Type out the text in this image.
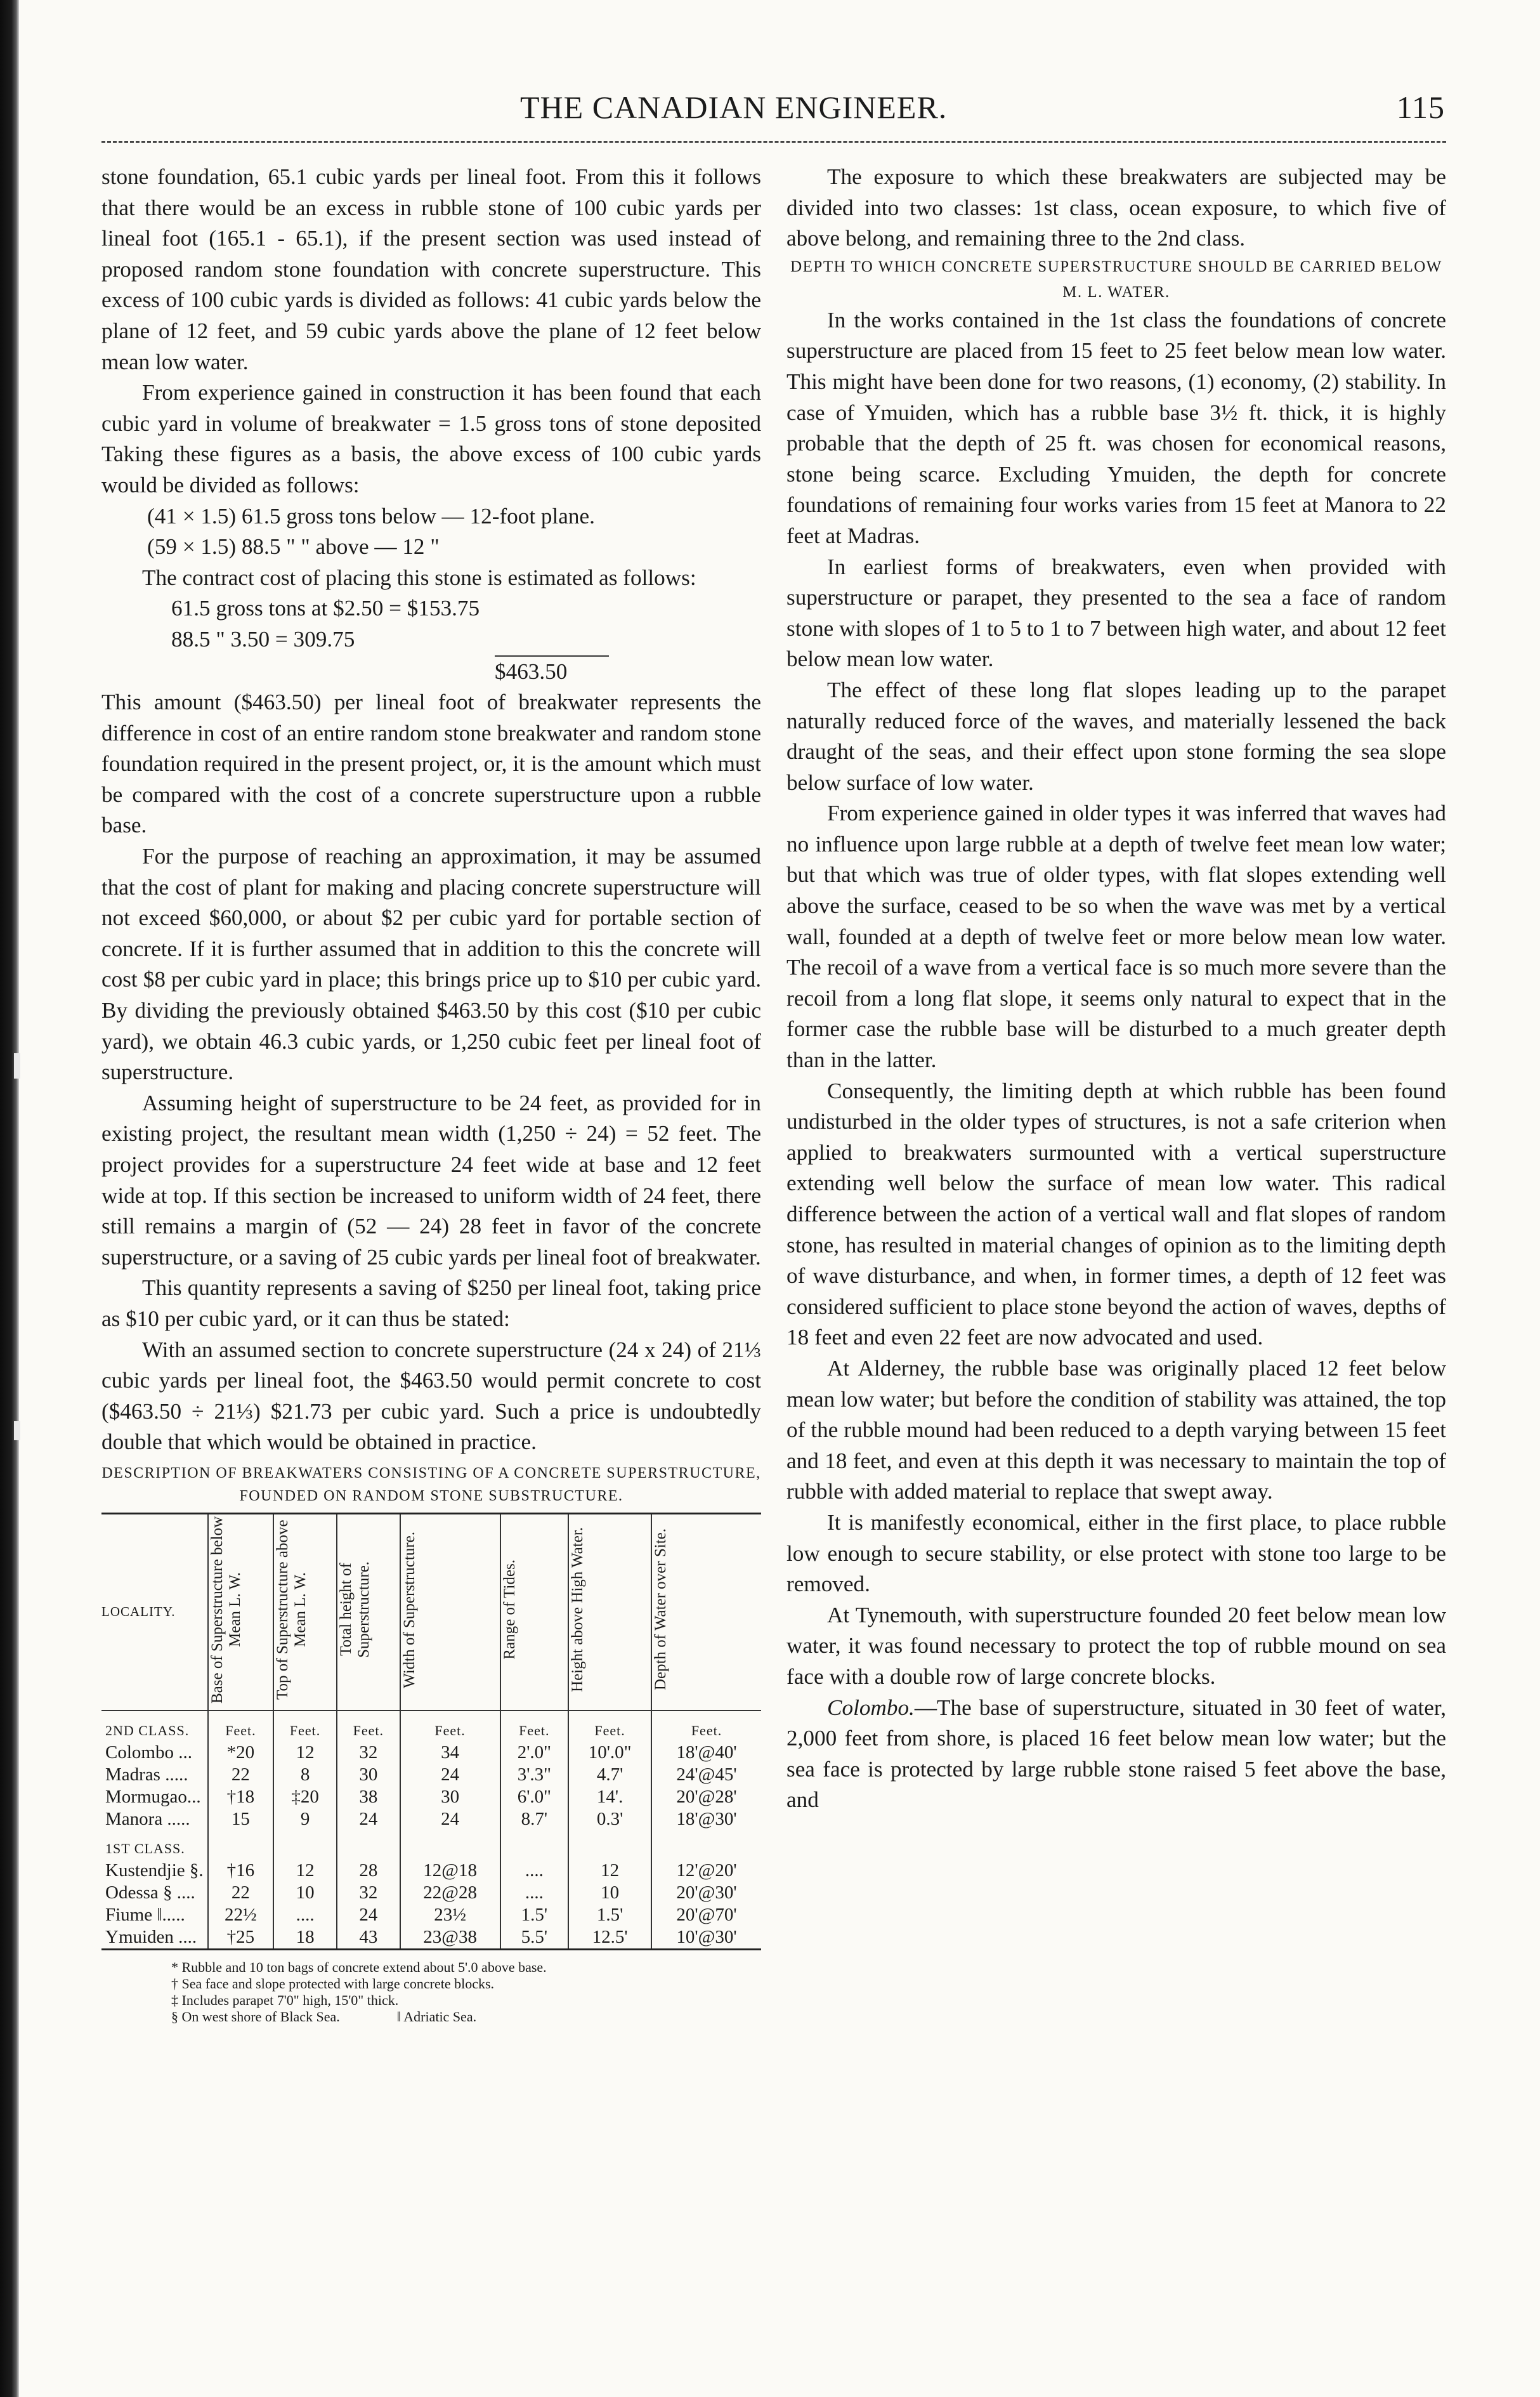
THE CANADIAN ENGINEER.	115

stone foundation, 65.1 cubic yards per lineal foot. From this it follows that there would be an excess in rubble stone of 100 cubic yards per lineal foot (165.1 - 65.1), if the present section was used instead of proposed random stone foundation with concrete superstructure. This excess of 100 cubic yards is divided as follows: 41 cubic yards below the plane of 12 feet, and 59 cubic yards above the plane of 12 feet below mean low water.

From experience gained in construction it has been found that each cubic yard in volume of breakwater = 1.5 gross tons of stone deposited Taking these figures as a basis, the above excess of 100 cubic yards would be divided as follows:

(41 × 1.5) 61.5 gross tons below — 12-foot plane.

(59 × 1.5) 88.5 " " above — 12 "

The contract cost of placing this stone is estimated as follows:

61.5 gross tons at $2.50 = $153.75

88.5 " 3.50 = 309.75

$463.50

This amount ($463.50) per lineal foot of breakwater represents the difference in cost of an entire random stone breakwater and random stone foundation required in the present project, or, it is the amount which must be compared with the cost of a concrete superstructure upon a rubble base.

For the purpose of reaching an approximation, it may be assumed that the cost of plant for making and placing concrete superstructure will not exceed $60,000, or about $2 per cubic yard for portable section of concrete. If it is further assumed that in addition to this the concrete will cost $8 per cubic yard in place; this brings price up to $10 per cubic yard. By dividing the previously obtained $463.50 by this cost ($10 per cubic yard), we obtain 46.3 cubic yards, or 1,250 cubic feet per lineal foot of superstructure.

Assuming height of superstructure to be 24 feet, as provided for in existing project, the resultant mean width (1,250 ÷ 24) = 52 feet. The project provides for a superstructure 24 feet wide at base and 12 feet wide at top. If this section be increased to uniform width of 24 feet, there still remains a margin of (52 — 24) 28 feet in favor of the concrete superstructure, or a saving of 25 cubic yards per lineal foot of breakwater.

This quantity represents a saving of $250 per lineal foot, taking price as $10 per cubic yard, or it can thus be stated:

With an assumed section to concrete superstructure (24 x 24) of 21⅓ cubic yards per lineal foot, the $463.50 would permit concrete to cost ($463.50 ÷ 21⅓) $21.73 per cubic yard. Such a price is undoubtedly double that which would be obtained in practice.

DESCRIPTION OF BREAKWATERS CONSISTING OF A CONCRETE SUPERSTRUCTURE, FOUNDED ON RANDOM STONE SUBSTRUCTURE.

LOCALITY.	Base of Superstructure below Mean L. W.	Top of Superstructure above Mean L. W.	Total height of Superstructure.	Width of Superstructure.	Range of Tides.	Height above High Water.	Depth of Water over Site.
2ND CLASS.	Feet.	Feet.	Feet.	Feet.	Feet.	Feet.	Feet.
Colombo ...	*20	12	32	34	2'.0"	10'.0"	18'@40'
Madras .....	22	8	30	24	3'.3"	4.7'	24'@45'
Mormugao...	†18	‡20	38	30	6'.0"	14'.	20'@28'
Manora .....	15	9	24	24	8.7'	0.3'	18'@30'
1ST CLASS.							
Kustendjie §.	†16	12	28	12@18	....	12	12'@20'
Odessa § ....	22	10	32	22@28	....	10	20'@30'
Fiume ‖.....	22½	....	24	23½	1.5'	1.5'	20'@70'
Ymuiden ....	†25	18	43	23@38	5.5'	12.5'	10'@30'
* Rubble and 10 ton bags of concrete extend about 5'.0 above base.
† Sea face and slope protected with large concrete blocks.
‡ Includes parapet 7'0" high, 15'0" thick.
§ On west shore of Black Sea.	‖ Adriatic Sea.

The exposure to which these breakwaters are subjected may be divided into two classes: 1st class, ocean exposure, to which five of above belong, and remaining three to the 2nd class.

DEPTH TO WHICH CONCRETE SUPERSTRUCTURE SHOULD BE CARRIED BELOW M. L. WATER.

In the works contained in the 1st class the foundations of concrete superstructure are placed from 15 feet to 25 feet below mean low water. This might have been done for two reasons, (1) economy, (2) stability. In case of Ymuiden, which has a rubble base 3½ ft. thick, it is highly probable that the depth of 25 ft. was chosen for economical reasons, stone being scarce. Excluding Ymuiden, the depth for concrete foundations of remaining four works varies from 15 feet at Manora to 22 feet at Madras.

In earliest forms of breakwaters, even when provided with superstructure or parapet, they presented to the sea a face of random stone with slopes of 1 to 5 to 1 to 7 between high water, and about 12 feet below mean low water.

The effect of these long flat slopes leading up to the parapet naturally reduced force of the waves, and materially lessened the back draught of the seas, and their effect upon stone forming the sea slope below surface of low water.

From experience gained in older types it was inferred that waves had no influence upon large rubble at a depth of twelve feet mean low water; but that which was true of older types, with flat slopes extending well above the surface, ceased to be so when the wave was met by a vertical wall, founded at a depth of twelve feet or more below mean low water. The recoil of a wave from a vertical face is so much more severe than the recoil from a long flat slope, it seems only natural to expect that in the former case the rubble base will be disturbed to a much greater depth than in the latter.

Consequently, the limiting depth at which rubble has been found undisturbed in the older types of structures, is not a safe criterion when applied to breakwaters surmounted with a vertical superstructure extending well below the surface of mean low water. This radical difference between the action of a vertical wall and flat slopes of random stone, has resulted in material changes of opinion as to the limiting depth of wave disturbance, and when, in former times, a depth of 12 feet was considered sufficient to place stone beyond the action of waves, depths of 18 feet and even 22 feet are now advocated and used.

At Alderney, the rubble base was originally placed 12 feet below mean low water; but before the condition of stability was attained, the top of the rubble mound had been reduced to a depth varying between 15 feet and 18 feet, and even at this depth it was necessary to maintain the top of rubble with added material to replace that swept away.

It is manifestly economical, either in the first place, to place rubble low enough to secure stability, or else protect with stone too large to be removed.

At Tynemouth, with superstructure founded 20 feet below mean low water, it was found necessary to protect the top of rubble mound on sea face with a double row of large concrete blocks.

Colombo.—The base of superstructure, situated in 30 feet of water, 2,000 feet from shore, is placed 16 feet below mean low water; but the sea face is protected by large rubble stone raised 5 feet above the base, and
